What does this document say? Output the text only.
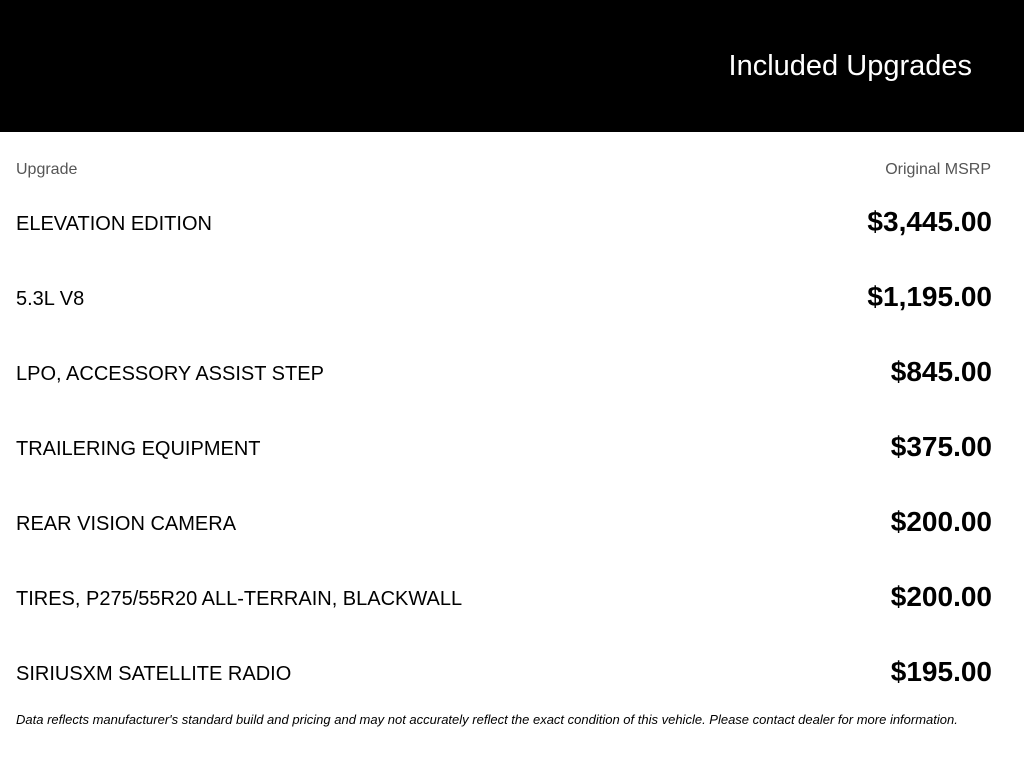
Included Upgrades
Upgrade	Original MSRP
ELEVATION EDITION	$3,445.00
5.3L V8	$1,195.00
LPO, ACCESSORY ASSIST STEP	$845.00
TRAILERING EQUIPMENT	$375.00
REAR VISION CAMERA	$200.00
TIRES, P275/55R20 ALL-TERRAIN, BLACKWALL	$200.00
SIRIUSXM SATELLITE RADIO	$195.00
Data reflects manufacturer's standard build and pricing and may not accurately reflect the exact condition of this vehicle. Please contact dealer for more information.
